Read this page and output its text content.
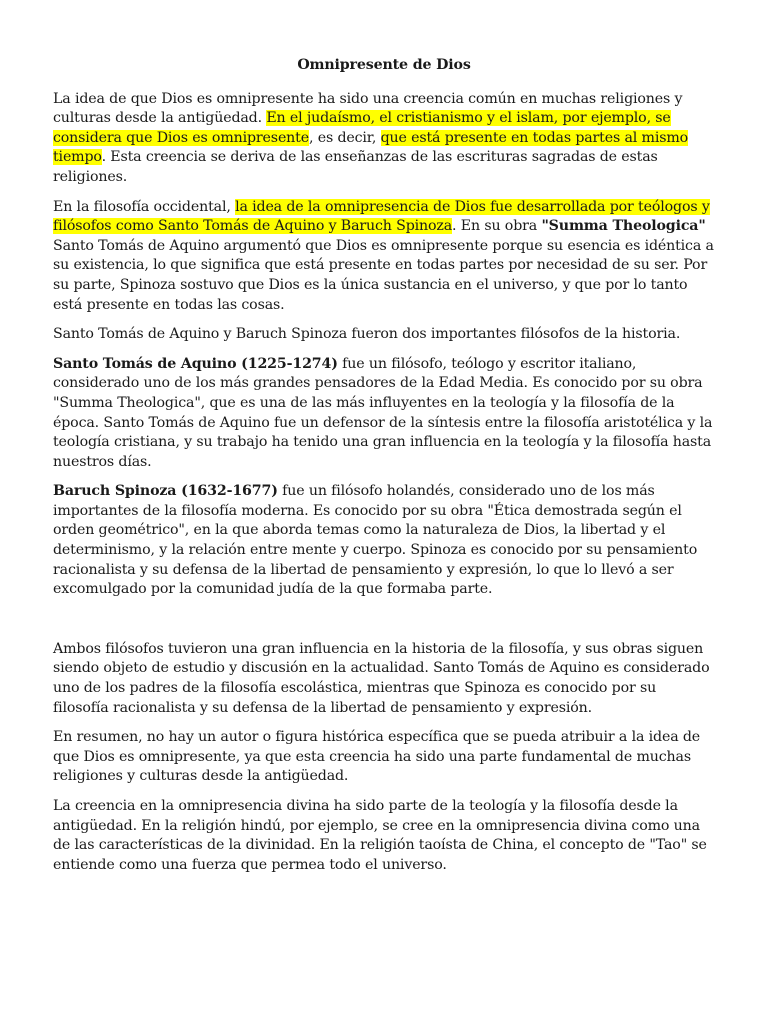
Omnipresente de Dios

La idea de que Dios es omnipresente ha sido una creencia común en muchas religiones y culturas desde la antigüedad. En el judaísmo, el cristianismo y el islam, por ejemplo, se considera que Dios es omnipresente, es decir, que está presente en todas partes al mismo tiempo. Esta creencia se deriva de las enseñanzas de las escrituras sagradas de estas religiones.

En la filosofía occidental, la idea de la omnipresencia de Dios fue desarrollada por teólogos y filósofos como Santo Tomás de Aquino y Baruch Spinoza. En su obra "Summa Theologica" Santo Tomás de Aquino argumentó que Dios es omnipresente porque su esencia es idéntica a su existencia, lo que significa que está presente en todas partes por necesidad de su ser. Por su parte, Spinoza sostuvo que Dios es la única sustancia en el universo, y que por lo tanto está presente en todas las cosas.

Santo Tomás de Aquino y Baruch Spinoza fueron dos importantes filósofos de la historia.

Santo Tomás de Aquino (1225-1274) fue un filósofo, teólogo y escritor italiano, considerado uno de los más grandes pensadores de la Edad Media. Es conocido por su obra "Summa Theologica", que es una de las más influyentes en la teología y la filosofía de la época. Santo Tomás de Aquino fue un defensor de la síntesis entre la filosofía aristotélica y la teología cristiana, y su trabajo ha tenido una gran influencia en la teología y la filosofía hasta nuestros días.

Baruch Spinoza (1632-1677) fue un filósofo holandés, considerado uno de los más importantes de la filosofía moderna. Es conocido por su obra "Ética demostrada según el orden geométrico", en la que aborda temas como la naturaleza de Dios, la libertad y el determinismo, y la relación entre mente y cuerpo. Spinoza es conocido por su pensamiento racionalista y su defensa de la libertad de pensamiento y expresión, lo que lo llevó a ser excomulgado por la comunidad judía de la que formaba parte.

Ambos filósofos tuvieron una gran influencia en la historia de la filosofía, y sus obras siguen siendo objeto de estudio y discusión en la actualidad. Santo Tomás de Aquino es considerado uno de los padres de la filosofía escolástica, mientras que Spinoza es conocido por su filosofía racionalista y su defensa de la libertad de pensamiento y expresión.

En resumen, no hay un autor o figura histórica específica que se pueda atribuir a la idea de que Dios es omnipresente, ya que esta creencia ha sido una parte fundamental de muchas religiones y culturas desde la antigüedad.

La creencia en la omnipresencia divina ha sido parte de la teología y la filosofía desde la antigüedad. En la religión hindú, por ejemplo, se cree en la omnipresencia divina como una de las características de la divinidad. En la religión taoísta de China, el concepto de "Tao" se entiende como una fuerza que permea todo el universo.
